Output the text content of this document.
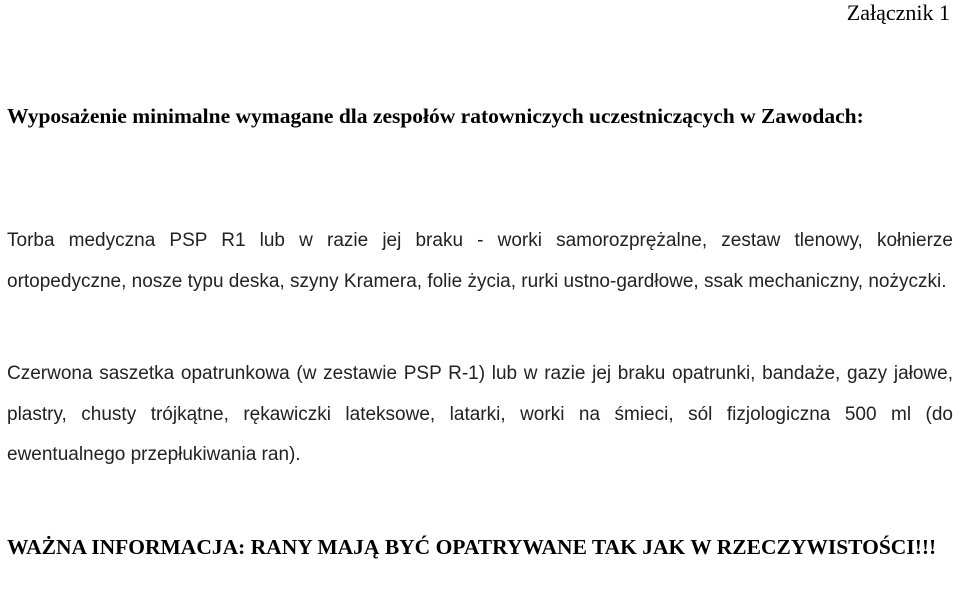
Załącznik 1
Wyposażenie minimalne wymagane dla zespołów ratowniczych uczestniczących w Zawodach:
Torba medyczna PSP R1 lub w razie jej braku - worki samorozprężalne, zestaw tlenowy, kołnierze ortopedyczne, nosze typu deska, szyny Kramera, folie życia, rurki ustno-gardłowe, ssak mechaniczny, nożyczki.
Czerwona saszetka opatrunkowa (w zestawie PSP R-1) lub w razie jej braku opatrunki, bandaże, gazy jałowe, plastry, chusty trójkątne, rękawiczki lateksowe, latarki, worki na śmieci, sól fizjologiczna 500 ml (do ewentualnego przepłukiwania ran).
WAŻNA INFORMACJA: RANY MAJĄ BYĆ OPATRYWANE TAK JAK W RZECZYWISTOŚCI!!!
